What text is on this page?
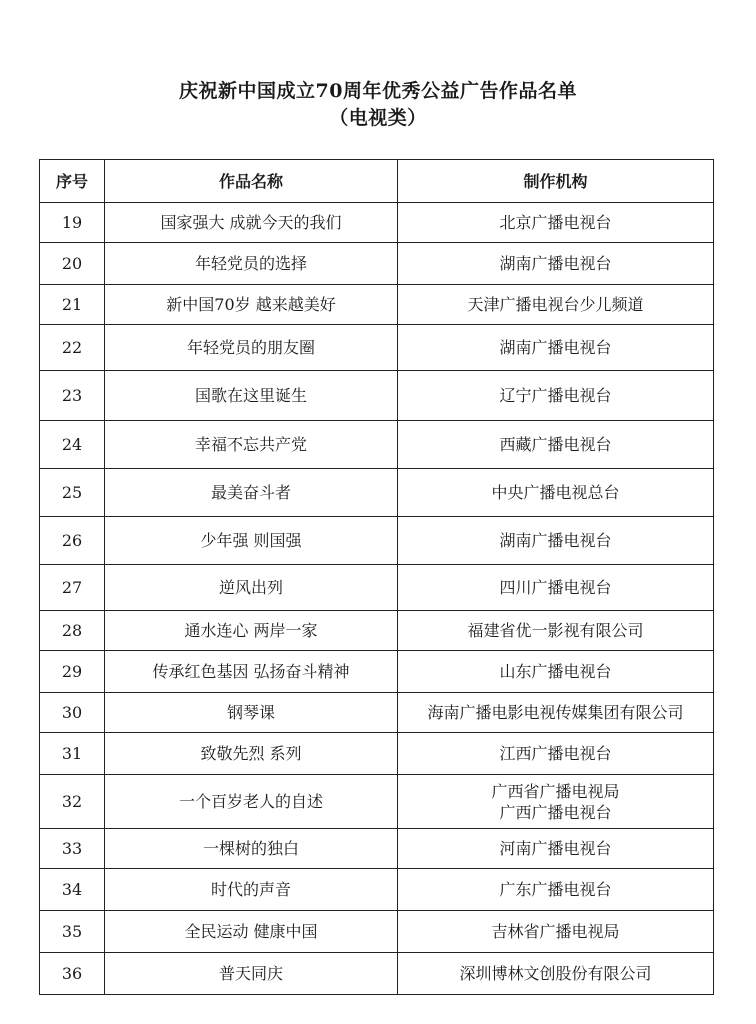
庆祝新中国成立70周年优秀公益广告作品名单
（电视类）
序号	作品名称	制作机构
19	国家强大 成就今天的我们	北京广播电视台

20	年轻党员的选择	湖南广播电视台

21	新中国70岁 越来越美好	天津广播电视台少儿频道

22	年轻党员的朋友圈	湖南广播电视台

23	国歌在这里诞生	辽宁广播电视台

24	幸福不忘共产党	西藏广播电视台

25	最美奋斗者	中央广播电视总台

26	少年强 则国强	湖南广播电视台

27	逆风出列	四川广播电视台

28	通水连心 两岸一家	福建省优一影视有限公司

29	传承红色基因 弘扬奋斗精神	山东广播电视台

30	钢琴课	海南广播电影电视传媒集团有限公司

31	致敬先烈 系列	江西广播电视台

32	一个百岁老人的自述	广西省广播电视局
广西广播电视台

33	一棵树的独白	河南广播电视台

34	时代的声音	广东广播电视台

35	全民运动 健康中国	吉林省广播电视局

36	普天同庆	深圳博林文创股份有限公司
